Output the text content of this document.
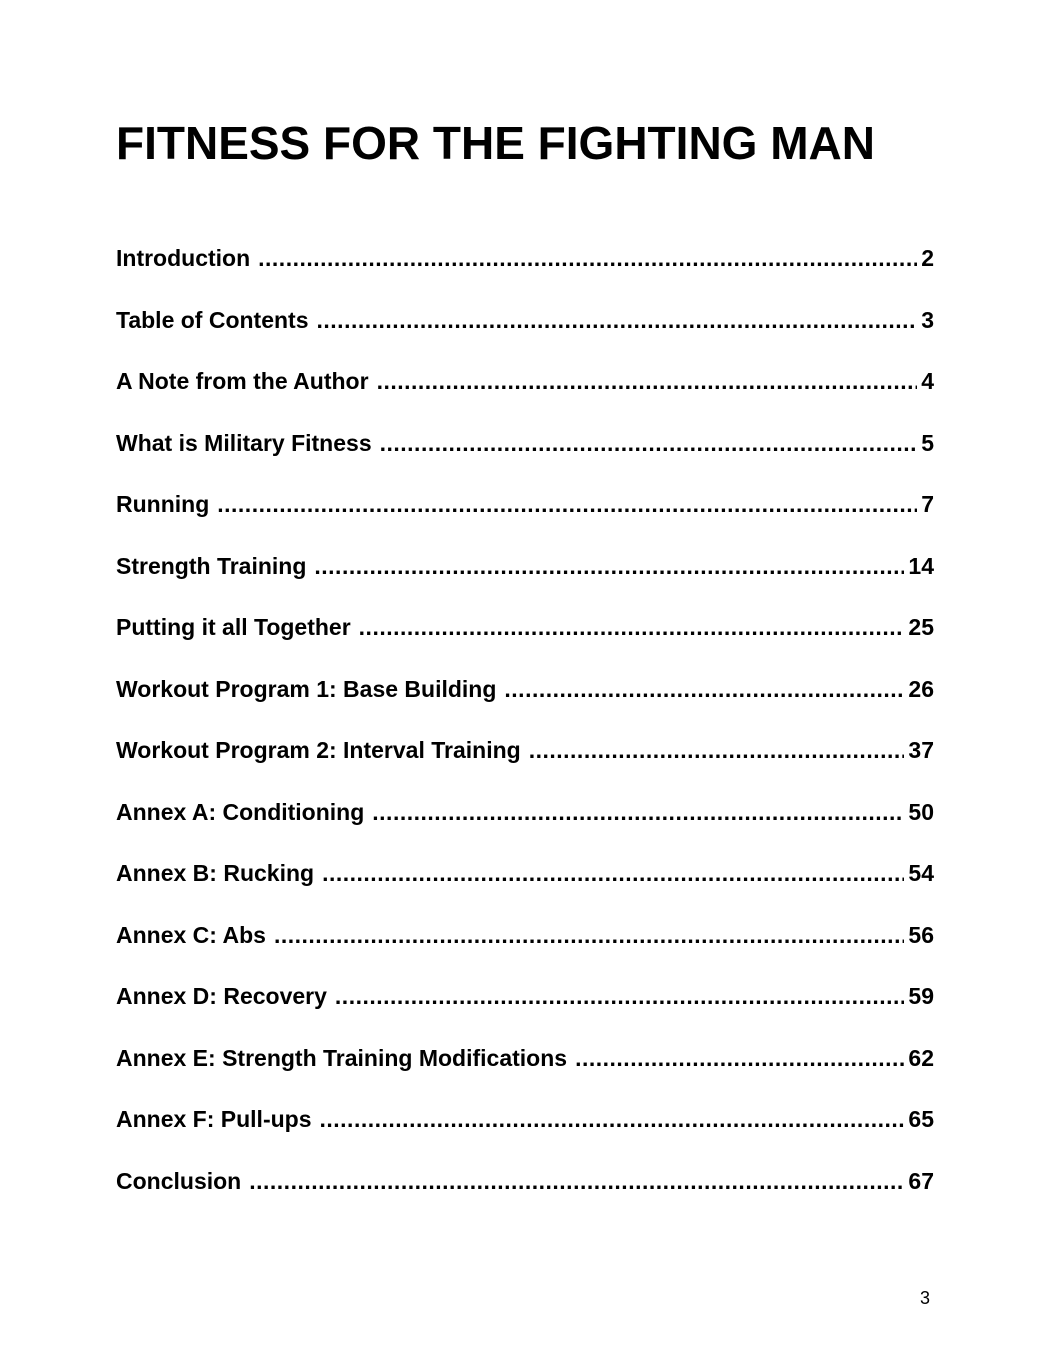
FITNESS FOR THE FIGHTING MAN
Introduction .....	2
Table of Contents .....	3
A Note from the Author .....	4
What is Military Fitness .....	5
Running .....	7
Strength Training .....	14
Putting it all Together .....	25
Workout Program 1: Base Building .....	26
Workout Program 2: Interval Training .....	37
Annex A: Conditioning .....	50
Annex B: Rucking .....	54
Annex C: Abs .....	56
Annex D: Recovery .....	59
Annex E: Strength Training Modifications .....	62
Annex F: Pull-ups .....	65
Conclusion .....	67
3
